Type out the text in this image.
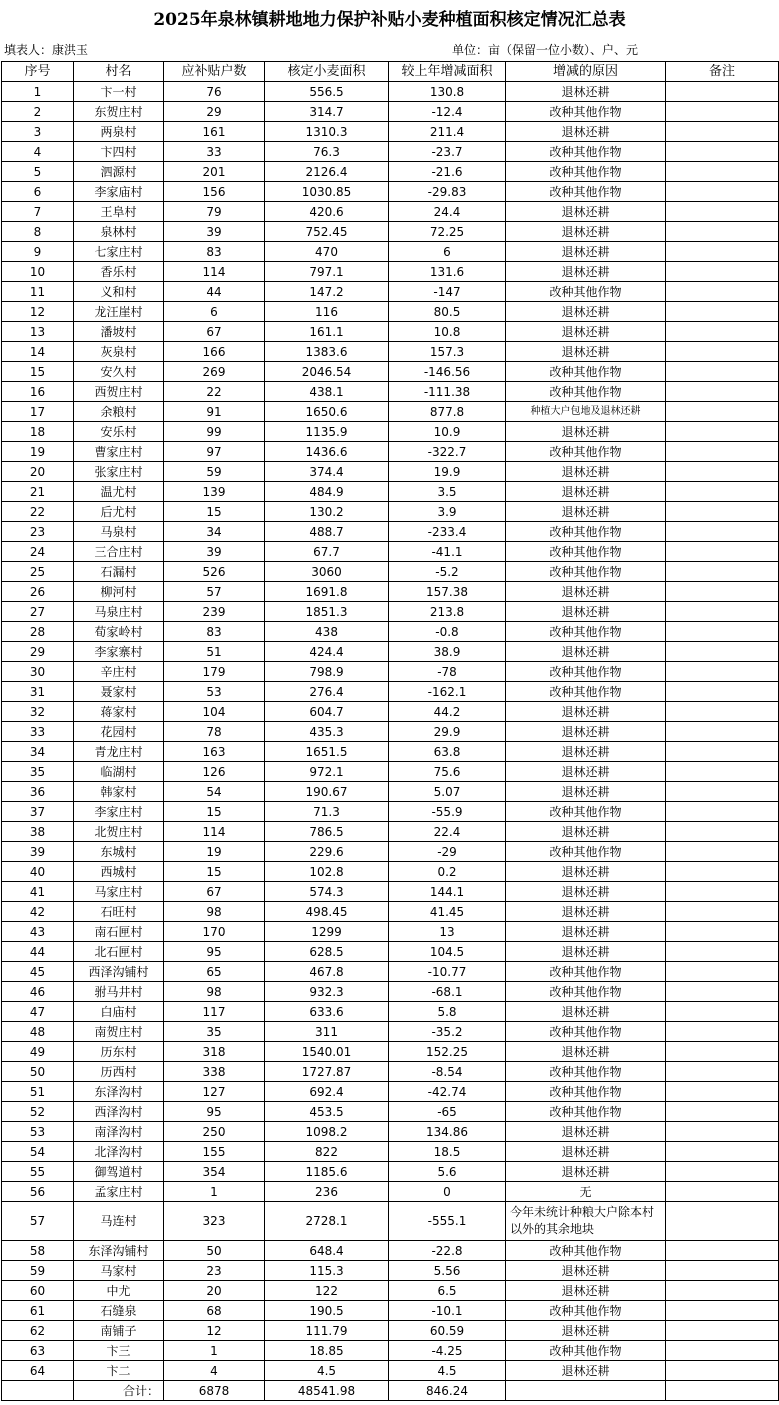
2025年泉林镇耕地地力保护补贴小麦种植面积核定情况汇总表
填表人：康洪玉	单位：亩（保留一位小数）、户、元
序号	村名	应补贴户数	核定小麦面积	较上年增减面积	增减的原因	备注
1	卞一村	76	556.5	130.8	退林还耕	
2	东贺庄村	29	314.7	-12.4	改种其他作物	
3	两泉村	161	1310.3	211.4	退林还耕	
4	卞四村	33	76.3	-23.7	改种其他作物	
5	泗源村	201	2126.4	-21.6	改种其他作物	
6	李家庙村	156	1030.85	-29.83	改种其他作物	
7	王阜村	79	420.6	24.4	退林还耕	
8	泉林村	39	752.45	72.25	退林还耕	
9	七家庄村	83	470	6	退林还耕	
10	香乐村	114	797.1	131.6	退林还耕	
11	义和村	44	147.2	-147	改种其他作物	
12	龙汪崖村	6	116	80.5	退林还耕	
13	潘坡村	67	161.1	10.8	退林还耕	
14	灰泉村	166	1383.6	157.3	退林还耕	
15	安久村	269	2046.54	-146.56	改种其他作物	
16	西贺庄村	22	438.1	-111.38	改种其他作物	
17	余粮村	91	1650.6	877.8	种植大户包地及退林还耕	
18	安乐村	99	1135.9	10.9	退林还耕	
19	曹家庄村	97	1436.6	-322.7	改种其他作物	
20	张家庄村	59	374.4	19.9	退林还耕	
21	温尤村	139	484.9	3.5	退林还耕	
22	后尤村	15	130.2	3.9	退林还耕	
23	马泉村	34	488.7	-233.4	改种其他作物	
24	三合庄村	39	67.7	-41.1	改种其他作物	
25	石漏村	526	3060	-5.2	改种其他作物	
26	柳河村	57	1691.8	157.38	退林还耕	
27	马泉庄村	239	1851.3	213.8	退林还耕	
28	荀家岭村	83	438	-0.8	改种其他作物	
29	李家寨村	51	424.4	38.9	退林还耕	
30	辛庄村	179	798.9	-78	改种其他作物	
31	聂家村	53	276.4	-162.1	改种其他作物	
32	蒋家村	104	604.7	44.2	退林还耕	
33	花园村	78	435.3	29.9	退林还耕	
34	青龙庄村	163	1651.5	63.8	退林还耕	
35	临湖村	126	972.1	75.6	退林还耕	
36	韩家村	54	190.67	5.07	退林还耕	
37	李家庄村	15	71.3	-55.9	改种其他作物	
38	北贺庄村	114	786.5	22.4	退林还耕	
39	东城村	19	229.6	-29	改种其他作物	
40	西城村	15	102.8	0.2	退林还耕	
41	马家庄村	67	574.3	144.1	退林还耕	
42	石旺村	98	498.45	41.45	退林还耕	
43	南石匣村	170	1299	13	退林还耕	
44	北石匣村	95	628.5	104.5	退林还耕	
45	西泽沟铺村	65	467.8	-10.77	改种其他作物	
46	驸马井村	98	932.3	-68.1	改种其他作物	
47	白庙村	117	633.6	5.8	退林还耕	
48	南贺庄村	35	311	-35.2	改种其他作物	
49	历东村	318	1540.01	152.25	退林还耕	
50	历西村	338	1727.87	-8.54	改种其他作物	
51	东泽沟村	127	692.4	-42.74	改种其他作物	
52	西泽沟村	95	453.5	-65	改种其他作物	
53	南泽沟村	250	1098.2	134.86	退林还耕	
54	北泽沟村	155	822	18.5	退林还耕	
55	御驾道村	354	1185.6	5.6	退林还耕	
56	孟家庄村	1	236	0	无	
57	马连村	323	2728.1	-555.1	今年未统计种粮大户除本村以外的其余地块	
58	东泽沟铺村	50	648.4	-22.8	改种其他作物	
59	马家村	23	115.3	5.56	退林还耕	
60	中尤	20	122	6.5	退林还耕	
61	石缝泉	68	190.5	-10.1	改种其他作物	
62	南铺子	12	111.79	60.59	退林还耕	
63	卞三	1	18.85	-4.25	改种其他作物	
64	卞二	4	4.5	4.5	退林还耕	
	合计：	6878	48541.98	846.24		
